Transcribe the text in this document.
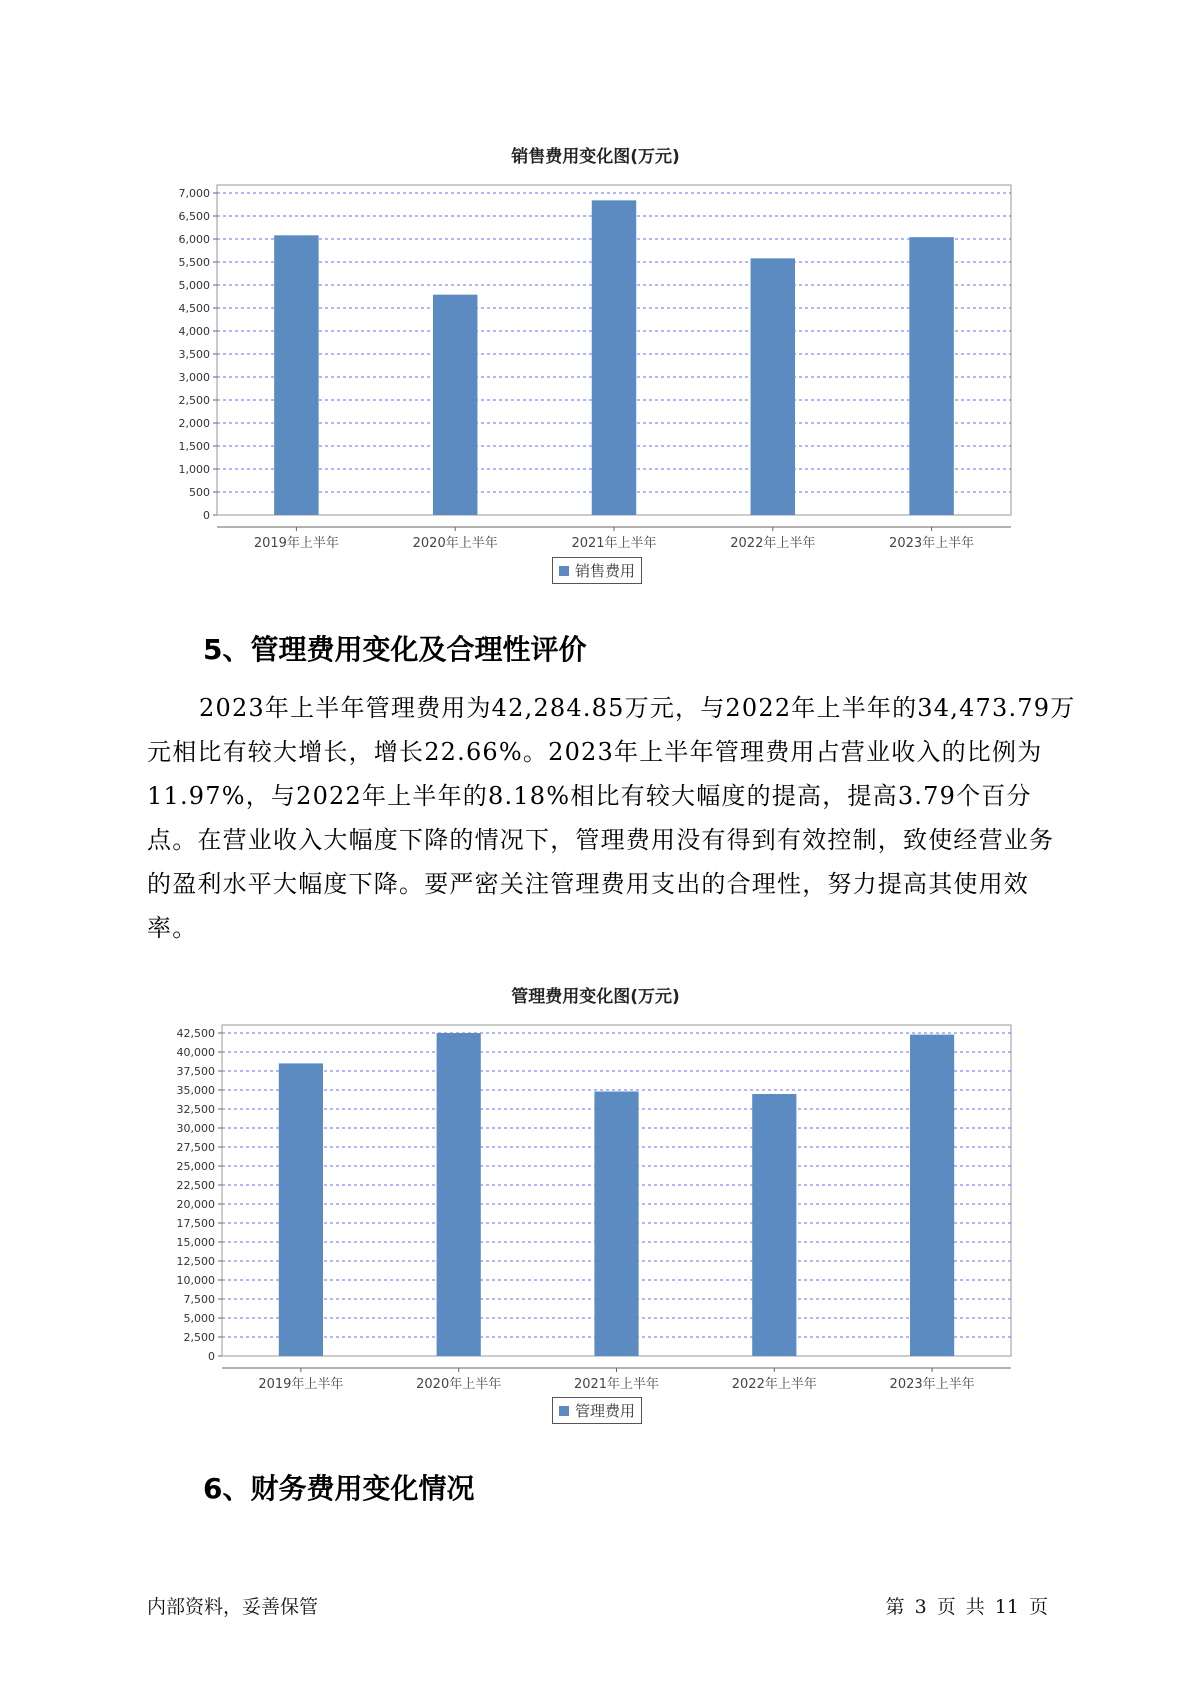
销售费用变化图(万元)
0
500
1,000
1,500
2,000
2,500
3,000
3,500
4,000
4,500
5,000
5,500
6,000
6,500
7,000
2019年上半年	2020年上半年	2021年上半年	2022年上半年	2023年上半年
销售费用
5、管理费用变化及合理性评价

2023年上半年管理费用为42,284.85万元，与2022年上半年的34,473.79万元相比有较大增长，增长22.66%。2023年上半年管理费用占营业收入的比例为11.97%，与2022年上半年的8.18%相比有较大幅度的提高，提高3.79个百分点。在营业收入大幅度下降的情况下，管理费用没有得到有效控制，致使经营业务的盈利水平大幅度下降。要严密关注管理费用支出的合理性，努力提高其使用效率。

管理费用变化图(万元)
0
2,500
5,000
7,500
10,000
12,500
15,000
17,500
20,000
22,500
25,000
27,500
30,000
32,500
35,000
37,500
40,000
42,500
2019年上半年	2020年上半年	2021年上半年	2022年上半年	2023年上半年
管理费用
6、财务费用变化情况
内部资料，妥善保管	第 3 页 共 11 页
